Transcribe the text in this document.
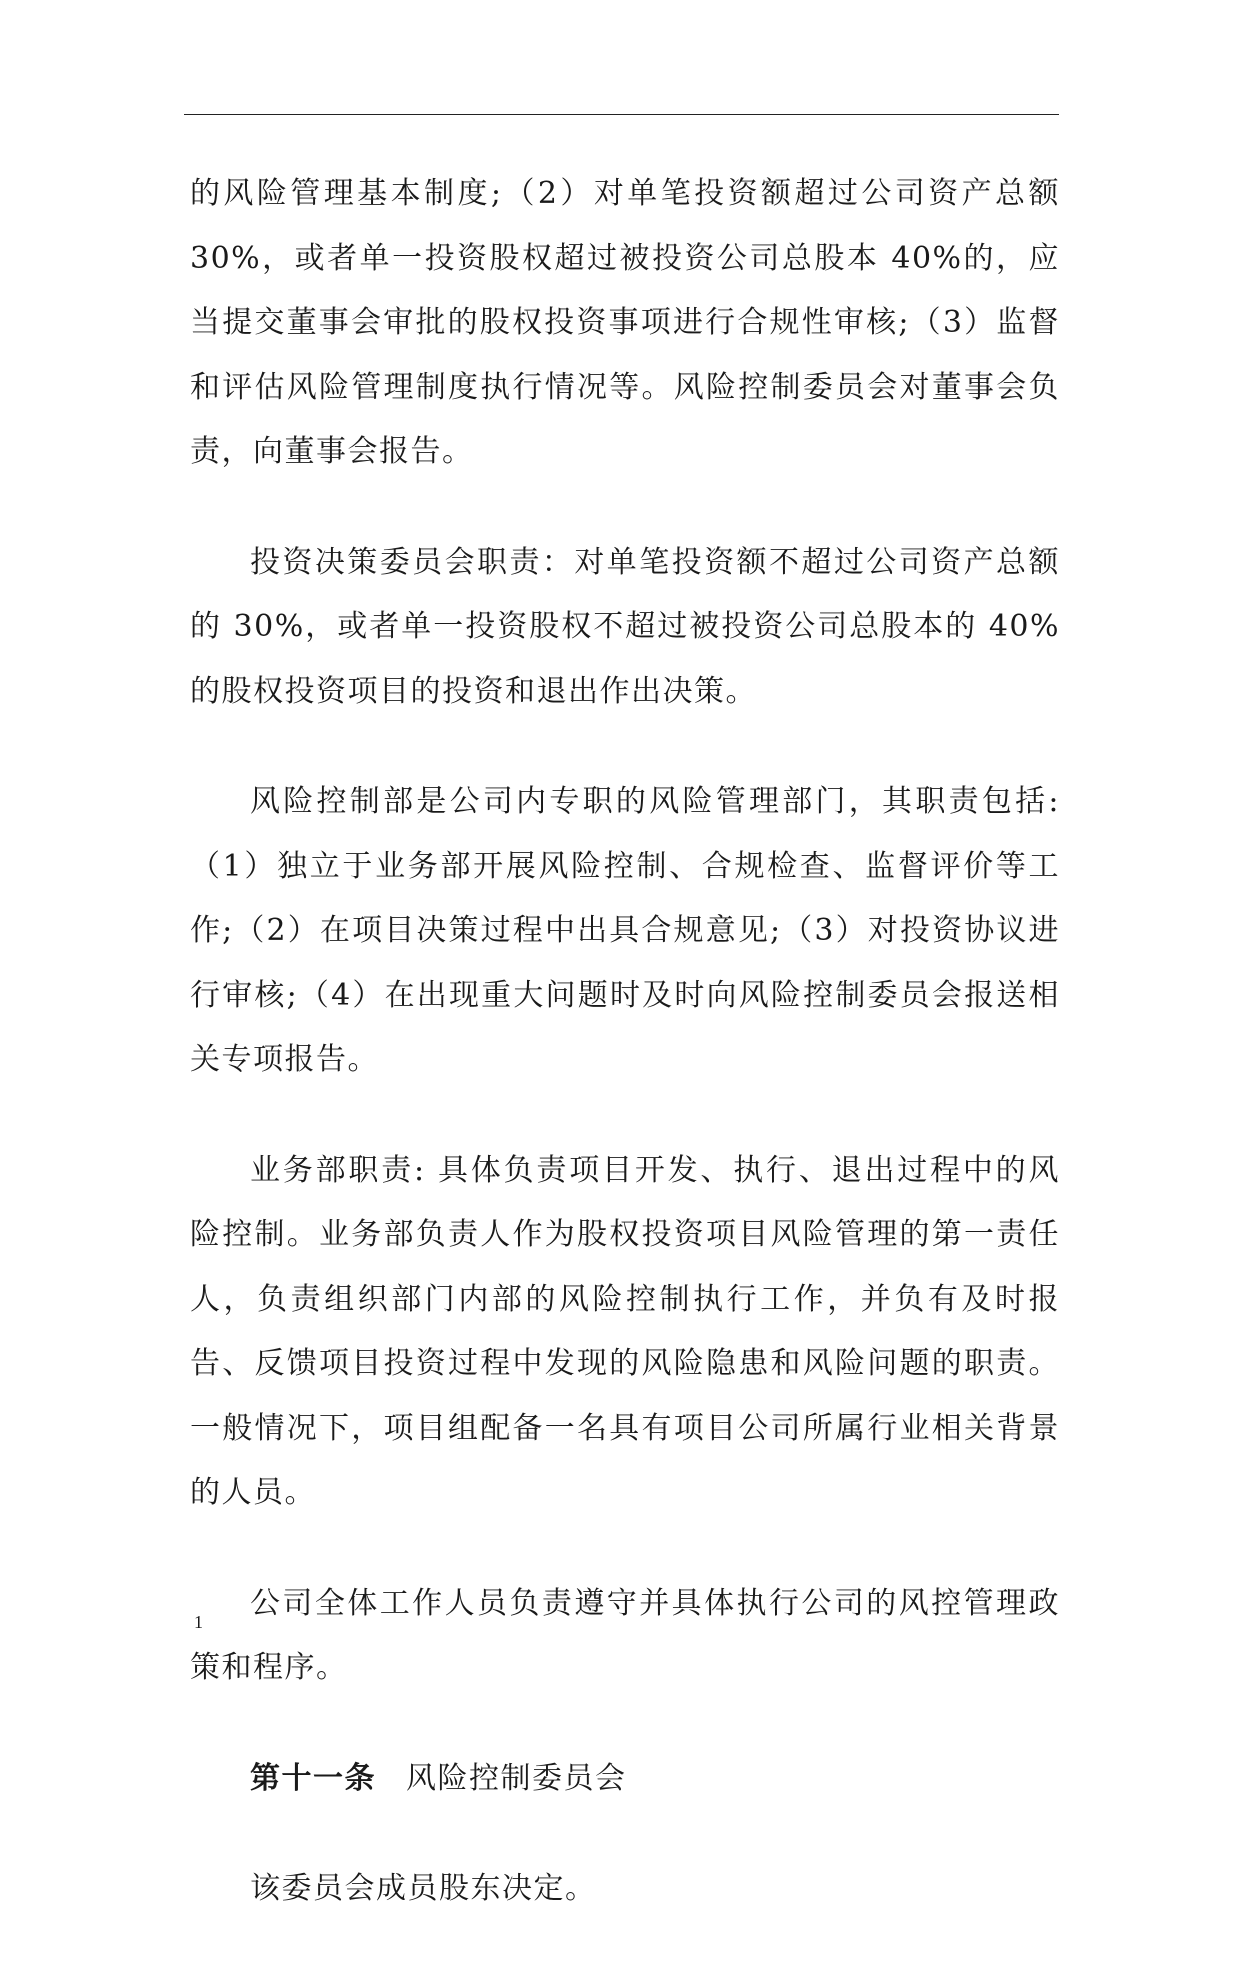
的风险管理基本制度;（2）对单笔投资额超过公司资产总额 30%，或者单一投资股权超过被投资公司总股本 40%的，应当提交董事会审批的股权投资事项进行合规性审核;（3）监督和评估风险管理制度执行情况等。风险控制委员会对董事会负责，向董事会报告。

投资决策委员会职责：对单笔投资额不超过公司资产总额的 30%，或者单一投资股权不超过被投资公司总股本的 40%的股权投资项目的投资和退出作出决策。

风险控制部是公司内专职的风险管理部门，其职责包括:（1）独立于业务部开展风险控制、合规检查、监督评价等工作;（2）在项目决策过程中出具合规意见;（3）对投资协议进行审核;（4）在出现重大问题时及时向风险控制委员会报送相关专项报告。

业务部职责: 具体负责项目开发、执行、退出过程中的风险控制。业务部负责人作为股权投资项目风险管理的第一责任人，负责组织部门内部的风险控制执行工作，并负有及时报告、反馈项目投资过程中发现的风险隐患和风险问题的职责。一般情况下，项目组配备一名具有项目公司所属行业相关背景的人员。

公司全体工作人员负责遵守并具体执行公司的风控管理政策和程序。

第十一条 风险控制委员会

该委员会成员股东决定。

1
